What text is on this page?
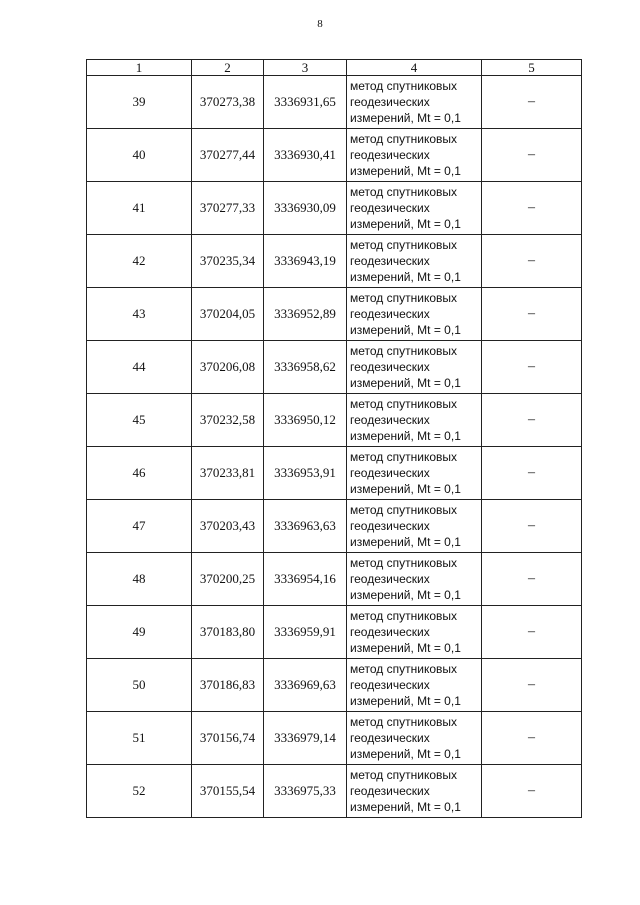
8
1	2	3	4	5
39	370273,38	3336931,65	метод спутниковых
геодезических
измерений, Mt = 0,1	–
40	370277,44	3336930,41	метод спутниковых
геодезических
измерений, Mt = 0,1	–
41	370277,33	3336930,09	метод спутниковых
геодезических
измерений, Mt = 0,1	–
42	370235,34	3336943,19	метод спутниковых
геодезических
измерений, Mt = 0,1	–
43	370204,05	3336952,89	метод спутниковых
геодезических
измерений, Mt = 0,1	–
44	370206,08	3336958,62	метод спутниковых
геодезических
измерений, Mt = 0,1	–
45	370232,58	3336950,12	метод спутниковых
геодезических
измерений, Mt = 0,1	–
46	370233,81	3336953,91	метод спутниковых
геодезических
измерений, Mt = 0,1	–
47	370203,43	3336963,63	метод спутниковых
геодезических
измерений, Mt = 0,1	–
48	370200,25	3336954,16	метод спутниковых
геодезических
измерений, Mt = 0,1	–
49	370183,80	3336959,91	метод спутниковых
геодезических
измерений, Mt = 0,1	–
50	370186,83	3336969,63	метод спутниковых
геодезических
измерений, Mt = 0,1	–
51	370156,74	3336979,14	метод спутниковых
геодезических
измерений, Mt = 0,1	–
52	370155,54	3336975,33	метод спутниковых
геодезических
измерений, Mt = 0,1	–
